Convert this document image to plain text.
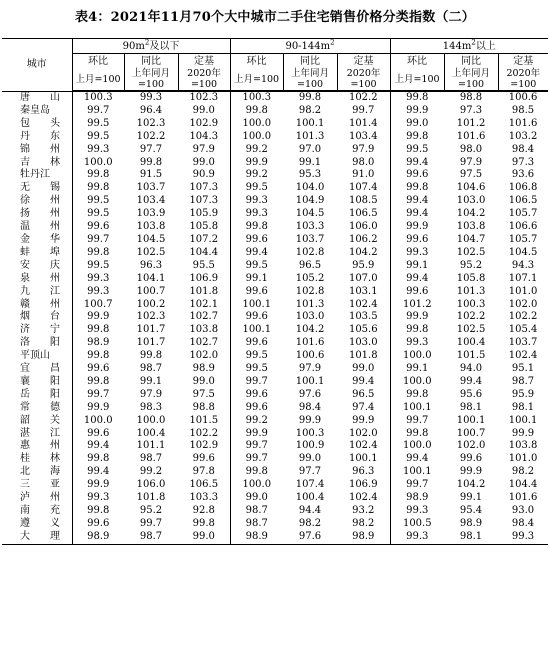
表4：2021年11月70个大中城市二手住宅销售价格分类指数（二）
城市	$90m^2$及以下			$90-144m^2$			$144m^2$以上		
	环比	同比	定基	环比	同比	定基	环比	同比	定基
	上月=100	上年同月=100	2020年=100	上月=100	上年同月=100	2020年=100	上月=100	上年同月=100	2020年=100

唐　　山	100.3	99.3	102.3	100.3	99.8	102.2	99.8	98.8	100.6
秦皇岛	99.7	96.4	99.0	99.8	98.2	99.7	99.9	97.3	98.5
包　　头	99.5	102.3	102.9	100.0	100.1	101.4	99.0	101.2	101.6
丹　　东	99.5	102.2	104.3	100.0	101.3	103.4	99.8	101.6	103.2
锦　　州	99.3	97.7	97.9	99.2	97.0	97.9	99.5	98.0	98.4
吉　　林	100.0	99.8	99.0	99.9	99.1	98.0	99.4	97.9	97.3
牡丹江	99.8	91.5	90.9	99.2	95.3	91.0	99.6	97.5	93.6
无　　锡	99.8	103.7	107.3	99.5	104.0	107.4	99.8	104.6	106.8
徐　　州	99.5	103.4	107.3	99.3	104.9	108.5	99.4	103.0	106.5
扬　　州	99.5	103.9	105.9	99.3	104.5	106.5	99.4	104.2	105.7
温　　州	99.6	103.8	105.8	99.8	103.3	106.0	99.9	103.8	106.6
金　　华	99.7	104.5	107.2	99.6	103.7	106.2	99.6	104.7	105.7
蚌　　埠	99.8	102.5	104.4	99.4	102.8	104.2	99.3	102.5	104.5
安　　庆	99.5	96.3	95.5	99.5	96.5	95.9	99.1	95.2	94.3
泉　　州	99.3	104.1	106.9	99.1	105.2	107.0	99.4	105.8	107.1
九　　江	99.3	100.7	101.8	99.6	102.8	103.1	99.6	101.3	101.0
赣　　州	100.7	100.2	102.1	100.1	101.3	102.4	101.2	100.3	102.0
烟　　台	99.9	102.3	102.7	99.6	103.0	103.5	99.9	102.2	102.2
济　　宁	99.8	101.7	103.8	100.1	104.2	105.6	99.8	102.5	105.4
洛　　阳	98.9	101.7	102.7	99.6	101.6	103.0	99.3	100.4	103.7
平顶山	99.8	99.8	102.0	99.5	100.6	101.8	100.0	101.5	102.4
宜　　昌	99.6	98.7	98.9	99.5	97.9	99.0	99.1	94.0	95.1
襄　　阳	99.8	99.1	99.0	99.7	100.1	99.4	100.0	99.4	98.7
岳　　阳	99.7	97.9	97.5	99.6	97.6	96.5	99.8	95.6	95.9
常　　德	99.9	98.3	98.8	99.6	98.4	97.4	100.1	98.1	98.1
韶　　关	100.0	100.0	101.5	99.2	99.9	99.9	99.7	100.1	100.1
湛　　江	99.6	100.4	102.2	99.9	100.3	102.0	99.8	100.7	99.9
惠　　州	99.4	101.1	102.9	99.7	100.9	102.4	100.0	102.0	103.8
桂　　林	99.8	98.7	99.6	99.7	99.0	100.1	99.4	99.6	101.0
北　　海	99.4	99.2	97.8	99.8	97.7	96.3	100.1	99.9	98.2
三　　亚	99.9	106.0	106.5	100.0	107.4	106.9	99.7	104.2	104.4
泸　　州	99.3	101.8	103.3	99.0	100.4	102.4	98.9	99.1	101.6
南　　充	99.8	95.2	92.8	98.7	94.4	93.2	99.3	95.4	93.0
遵　　义	99.6	99.7	99.8	98.7	98.2	98.2	100.5	98.9	98.4
大　　理	98.9	98.7	99.0	98.9	97.6	98.9	99.3	98.1	99.3
